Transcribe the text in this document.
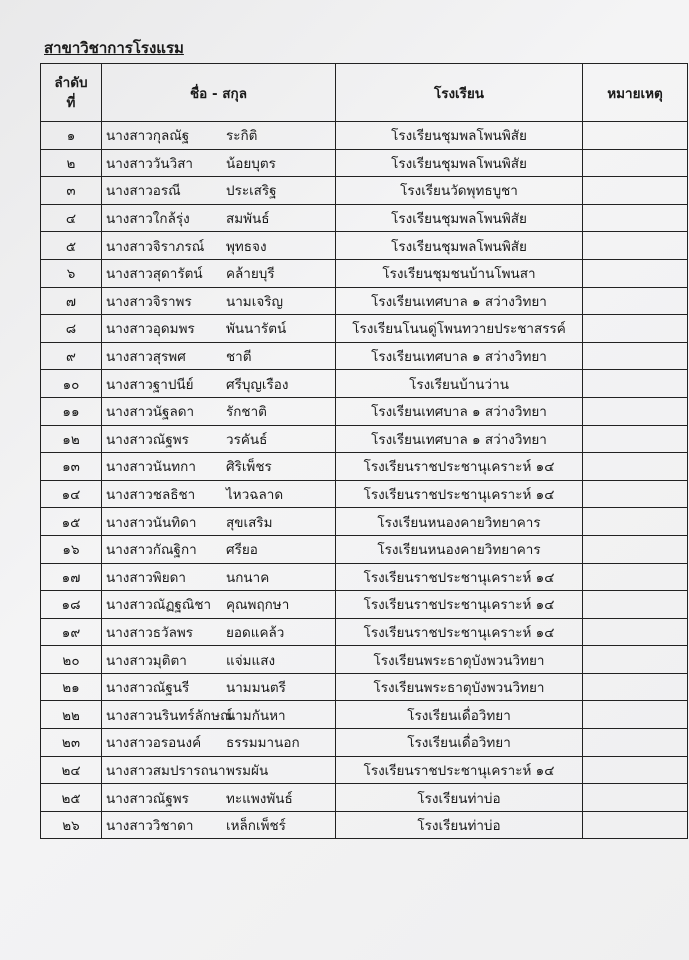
สาขาวิชาการโรงแรม
ลำดับ
ที่	ชื่อ - สกุล	โรงเรียน	หมายเหตุ
๑	นางสาวกุลณัฐ ระกิติ	โรงเรียนชุมพลโพนพิสัย	
๒	นางสาววันวิสา น้อยบุตร	โรงเรียนชุมพลโพนพิสัย	
๓	นางสาวอรณี ประเสริฐ	โรงเรียนวัดพุทธบูชา	
๔	นางสาวใกล้รุ่ง สมพันธ์	โรงเรียนชุมพลโพนพิสัย	
๕	นางสาวจิราภรณ์ พุทธจง	โรงเรียนชุมพลโพนพิสัย	
๖	นางสาวสุดารัตน์ คล้ายบุรี	โรงเรียนชุมชนบ้านโพนสา	
๗	นางสาวจิราพร นามเจริญ	โรงเรียนเทศบาล ๑ สว่างวิทยา	
๘	นางสาวอุดมพร พันนารัตน์	โรงเรียนโนนดู่โพนทวายประชาสรรค์	
๙	นางสาวสุรพศ ชาตี	โรงเรียนเทศบาล ๑ สว่างวิทยา	
๑๐	นางสาวฐาปนีย์ ศรีบุญเรือง	โรงเรียนบ้านว่าน	
๑๑	นางสาวนัฐลดา รักชาติ	โรงเรียนเทศบาล ๑ สว่างวิทยา	
๑๒	นางสาวณัฐพร วรคันธ์	โรงเรียนเทศบาล ๑ สว่างวิทยา	
๑๓	นางสาวนันทกา ศิริเพ็ชร	โรงเรียนราชประชานุเคราะห์ ๑๔	
๑๔	นางสาวชลธิชา ไหวฉลาด	โรงเรียนราชประชานุเคราะห์ ๑๔	
๑๕	นางสาวนันทิดา สุขเสริม	โรงเรียนหนองคายวิทยาคาร	
๑๖	นางสาวกัณฐิกา ศรียอ	โรงเรียนหนองคายวิทยาคาร	
๑๗	นางสาวพิยดา นกนาค	โรงเรียนราชประชานุเคราะห์ ๑๔	
๑๘	นางสาวณัฏฐณิชา คุณพฤกษา	โรงเรียนราชประชานุเคราะห์ ๑๔	
๑๙	นางสาวธวัลพร ยอดแคล้ว	โรงเรียนราชประชานุเคราะห์ ๑๔	
๒๐	นางสาวมุติตา แจ่มแสง	โรงเรียนพระธาตุบังพวนวิทยา	
๒๑	นางสาวณัฐนรี นามมนตรี	โรงเรียนพระธาตุบังพวนวิทยา	
๒๒	นางสาวนรินทร์ลักษณ์นามกันหา	โรงเรียนเดื่อวิทยา	
๒๓	นางสาวอรอนงค์ ธรรมมานอก	โรงเรียนเดื่อวิทยา	
๒๔	นางสาวสมปรารถนาพรมผัน	โรงเรียนราชประชานุเคราะห์ ๑๔	
๒๕	นางสาวณัฐพร ทะแพงพันธ์	โรงเรียนท่าบ่อ	
๒๖	นางสาววิชาดา เหล็กเพ็ชร์	โรงเรียนท่าบ่อ	
